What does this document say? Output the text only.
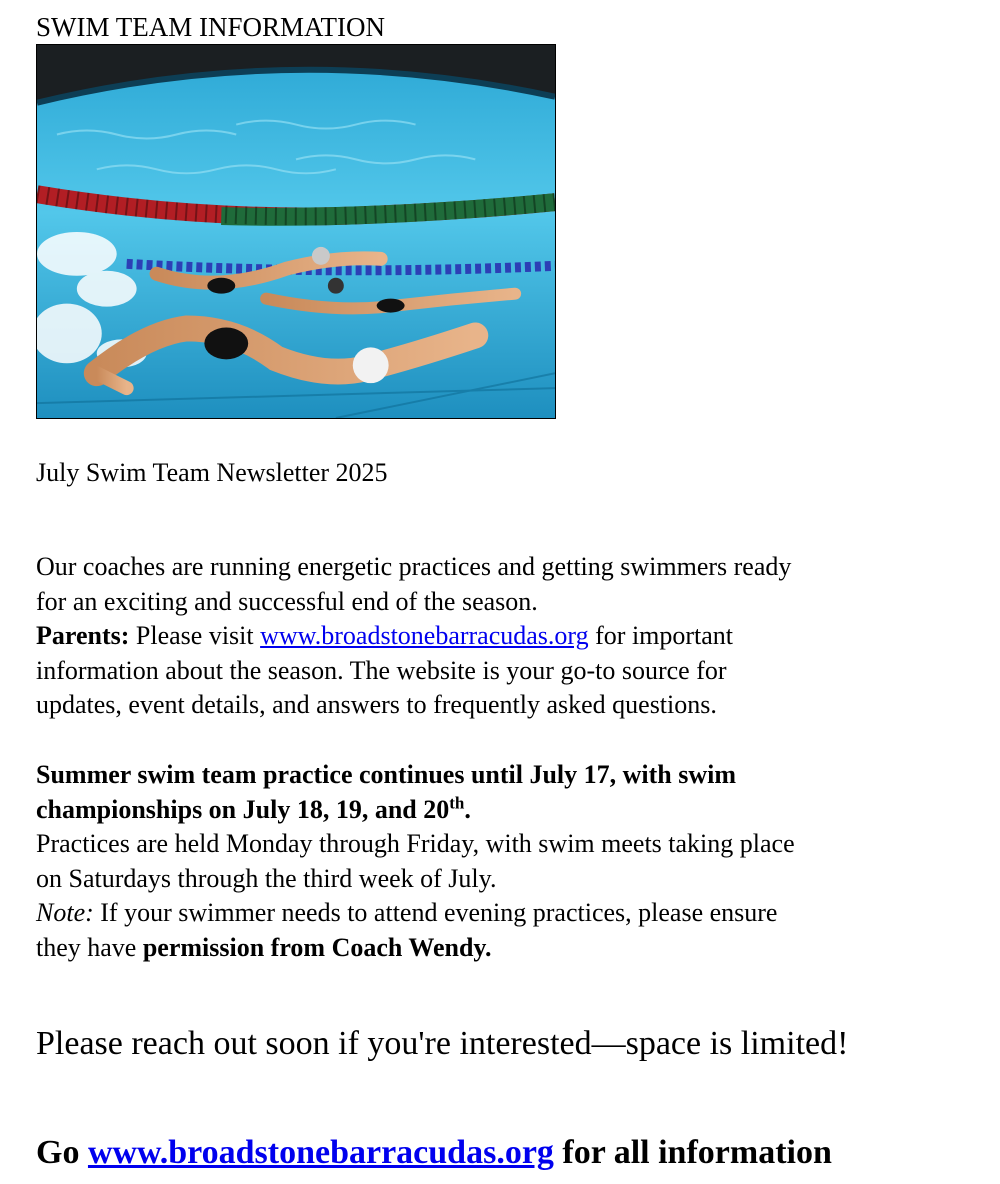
SWIM TEAM INFORMATION
July Swim Team Newsletter 2025
Our coaches are running energetic practices and getting swimmers ready
for an exciting and successful end of the season.
Parents: Please visit www.broadstonebarracudas.org for important
information about the season. The website is your go-to source for
updates, event details, and answers to frequently asked questions.
Summer swim team practice continues until July 17, with swim
championships on July 18, 19, and 20th.
Practices are held Monday through Friday, with swim meets taking place
on Saturdays through the third week of July.
Note: If your swimmer needs to attend evening practices, please ensure
they have permission from Coach Wendy.
Please reach out soon if you're interested—space is limited!
Go www.broadstonebarracudas.org for all information
